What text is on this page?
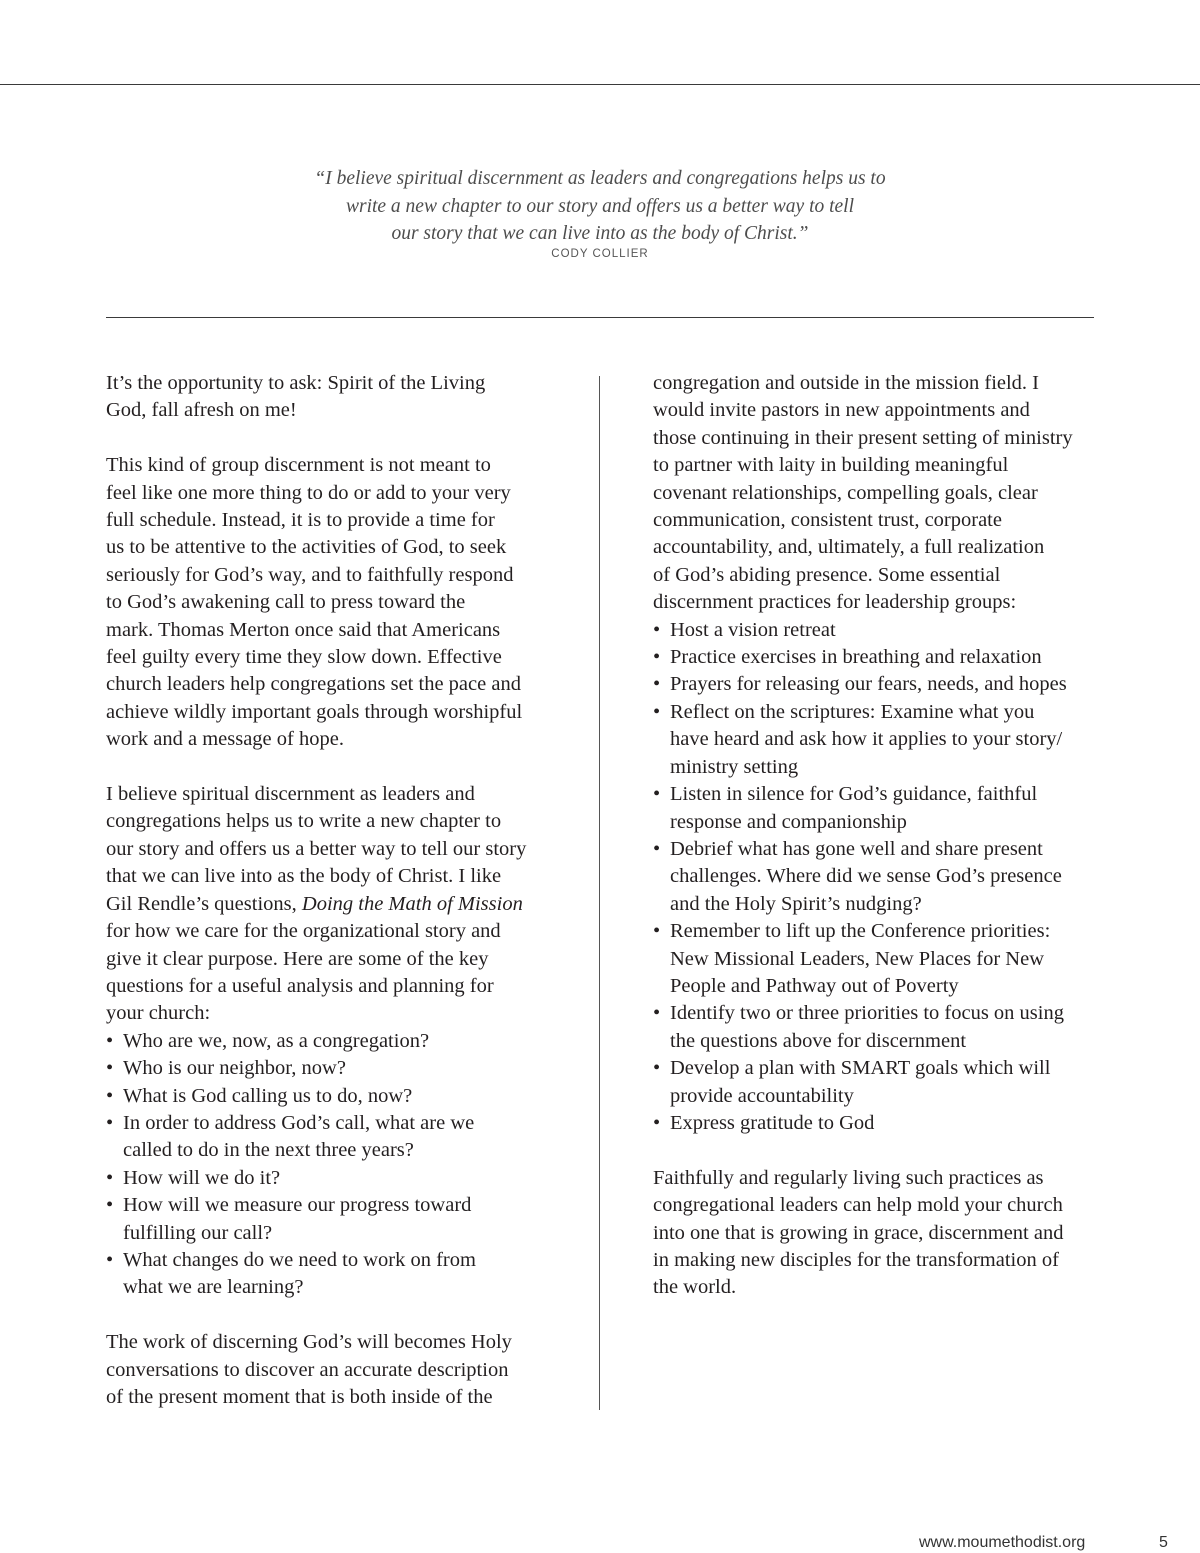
“I believe spiritual discernment as leaders and congregations helps us to
write a new chapter to our story and offers us a better way to tell
our story that we can live into as the body of Christ.”
CODY COLLIER

It’s the opportunity to ask: Spirit of the Living
God, fall afresh on me!

This kind of group discernment is not meant to
feel like one more thing to do or add to your very
full schedule. Instead, it is to provide a time for
us to be attentive to the activities of God, to seek
seriously for God’s way, and to faithfully respond
to God’s awakening call to press toward the
mark. Thomas Merton once said that Americans
feel guilty every time they slow down. Effective
church leaders help congregations set the pace and
achieve wildly important goals through worshipful
work and a message of hope.

I believe spiritual discernment as leaders and
congregations helps us to write a new chapter to
our story and offers us a better way to tell our story
that we can live into as the body of Christ. I like
Gil Rendle’s questions, Doing the Math of Mission
for how we care for the organizational story and
give it clear purpose. Here are some of the key
questions for a useful analysis and planning for
your church:

• Who are we, now, as a congregation?
• Who is our neighbor, now?
• What is God calling us to do, now?
• In order to address God’s call, what are we
called to do in the next three years?
• How will we do it?
• How will we measure our progress toward
fulfilling our call?
• What changes do we need to work on from
what we are learning?

The work of discerning God’s will becomes Holy
conversations to discover an accurate description
of the present moment that is both inside of the

congregation and outside in the mission field. I
would invite pastors in new appointments and
those continuing in their present setting of ministry
to partner with laity in building meaningful
covenant relationships, compelling goals, clear
communication, consistent trust, corporate
accountability, and, ultimately, a full realization
of God’s abiding presence. Some essential
discernment practices for leadership groups:

• Host a vision retreat
• Practice exercises in breathing and relaxation
• Prayers for releasing our fears, needs, and hopes
• Reflect on the scriptures: Examine what you
have heard and ask how it applies to your story/
ministry setting
• Listen in silence for God’s guidance, faithful
response and companionship
• Debrief what has gone well and share present
challenges. Where did we sense God’s presence
and the Holy Spirit’s nudging?
• Remember to lift up the Conference priorities:
New Missional Leaders, New Places for New
People and Pathway out of Poverty
• Identify two or three priorities to focus on using
the questions above for discernment
• Develop a plan with SMART goals which will
provide accountability
• Express gratitude to God

Faithfully and regularly living such practices as
congregational leaders can help mold your church
into one that is growing in grace, discernment and
in making new disciples for the transformation of
the world.

www.moumethodist.org	5
